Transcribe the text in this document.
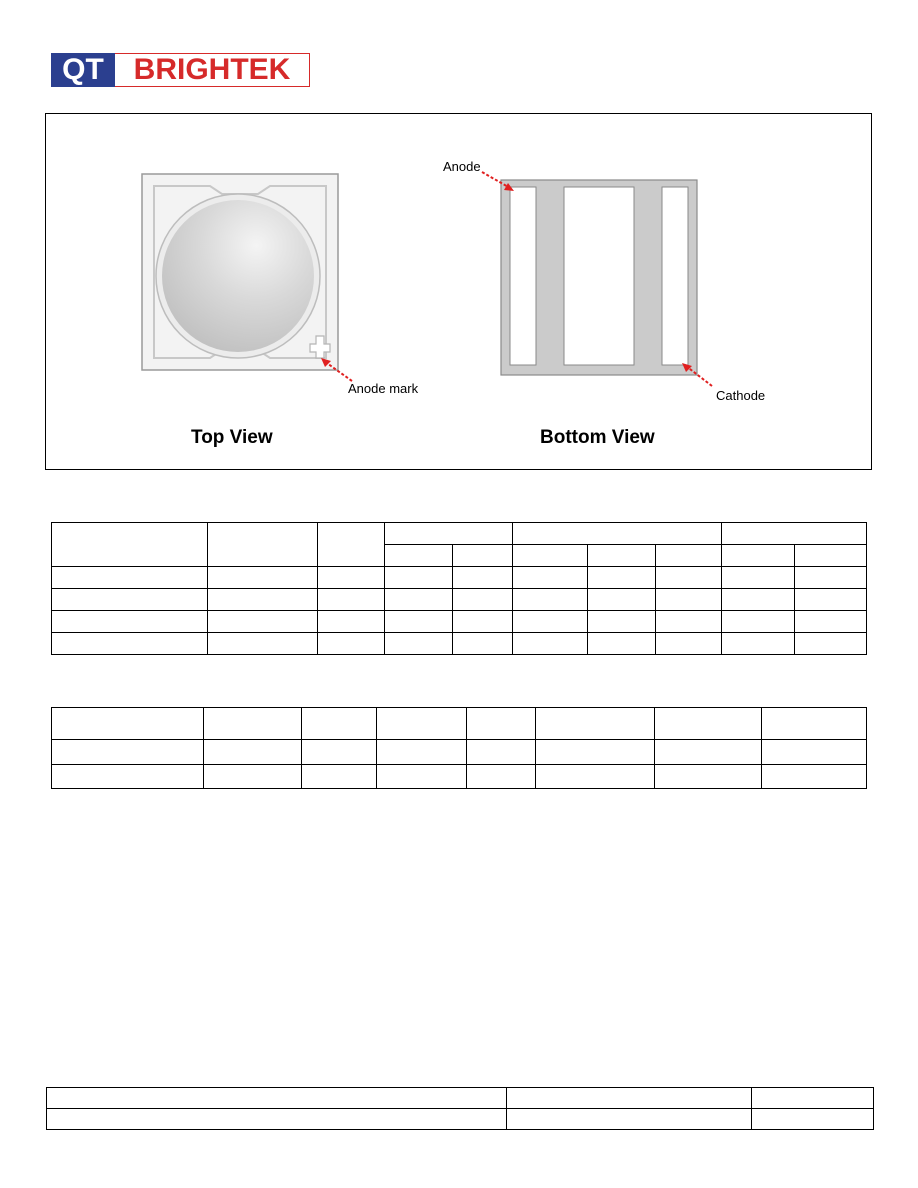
QT BRIGHTEK
Anode mark
Anode
Cathode
Top View	Bottom View
